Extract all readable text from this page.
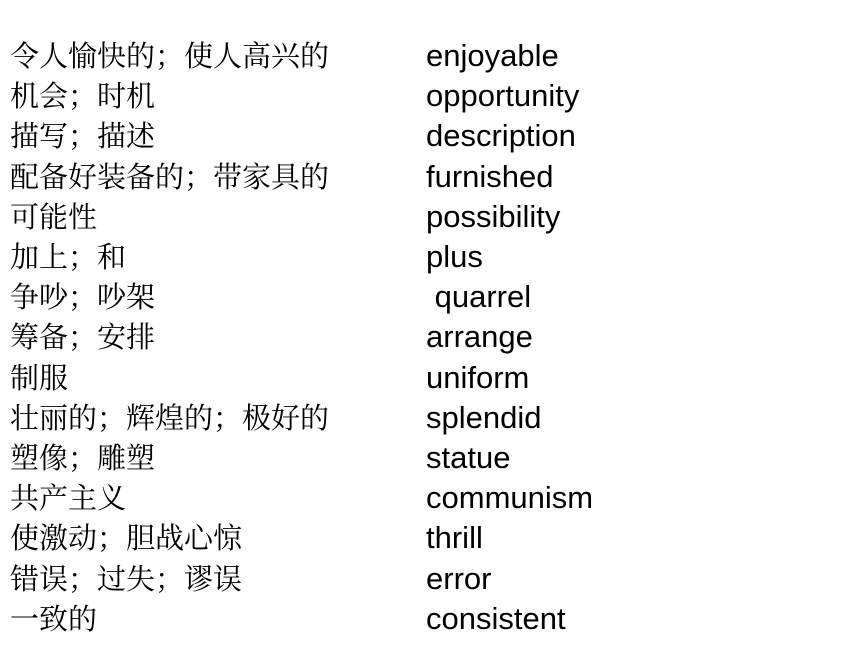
令人愉快的；使人高兴的	enjoyable
机会；时机	opportunity
描写；描述	description
配备好装备的；带家具的	furnished
可能性	possibility
加上；和	plus
争吵；吵架	quarrel
筹备；安排	arrange
制服	uniform
壮丽的；辉煌的；极好的	splendid
塑像；雕塑	statue
共产主义	communism
使激动；胆战心惊	thrill
错误；过失；谬误	error
一致的	consistent
